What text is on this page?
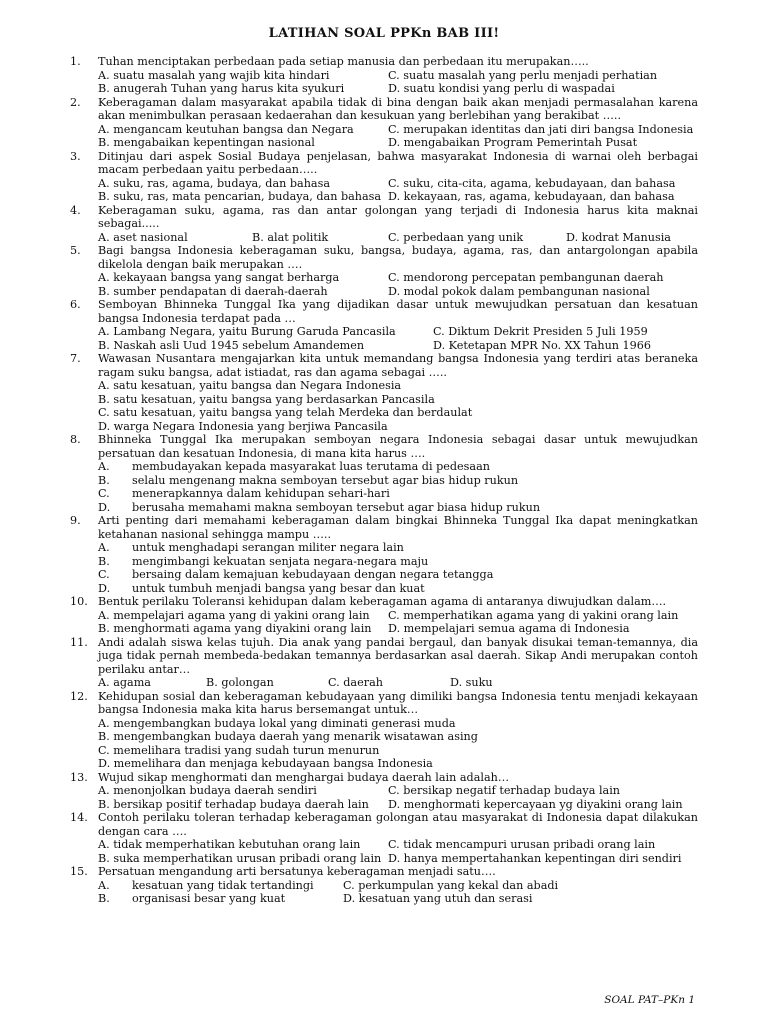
LATIHAN SOAL PPKn BAB III!
1.	Tuhan menciptakan perbedaan pada setiap manusia dan perbedaan itu merupakan…..
A. suatu masalah yang wajib kita hindari	C. suatu masalah yang perlu menjadi perhatian
B. anugerah Tuhan yang harus kita syukuri	D. suatu kondisi yang perlu di waspadai
2.	Keberagaman dalam masyarakat apabila tidak di bina dengan baik akan menjadi permasalahan karena akan menimbulkan perasaan kedaerahan dan kesukuan yang berlebihan yang berakibat …..
A. mengancam keutuhan bangsa dan Negara	C. merupakan identitas dan jati diri bangsa Indonesia
B. mengabaikan kepentingan nasional	D. mengabaikan Program Pemerintah Pusat
3.	Ditinjau dari aspek Sosial Budaya penjelasan, bahwa masyarakat Indonesia di warnai oleh berbagai macam perbedaan yaitu perbedaan…..
A. suku, ras, agama, budaya, dan bahasa	C. suku, cita-cita, agama, kebudayaan, dan bahasa
B. suku, ras, mata pencarian, budaya, dan bahasa D. kekayaan, ras, agama, kebudayaan, dan bahasa
4.	Keberagaman suku, agama, ras dan antar golongan yang terjadi di Indonesia harus kita maknai sebagai.....
A. aset nasional	B. alat politik	C. perbedaan yang unik	D. kodrat Manusia
5.	Bagi bangsa Indonesia keberagaman suku, bangsa, budaya, agama, ras, dan antargolongan apabila dikelola dengan baik merupakan ….
A. kekayaan bangsa yang sangat berharga	C. mendorong percepatan pembangunan daerah
B. sumber pendapatan di daerah-daerah	D. modal pokok dalam pembangunan nasional
6.	Semboyan Bhinneka Tunggal Ika yang dijadikan dasar untuk mewujudkan persatuan dan kesatuan bangsa Indonesia terdapat pada …
A. Lambang Negara, yaitu Burung Garuda Pancasila	C. Diktum Dekrit Presiden 5 Juli 1959
B. Naskah asli Uud 1945 sebelum Amandemen	D. Ketetapan MPR No. XX Tahun 1966
7.	Wawasan Nusantara mengajarkan kita untuk memandang bangsa Indonesia yang terdiri atas beraneka ragam suku bangsa, adat istiadat, ras dan agama sebagai …..
A. satu kesatuan, yaitu bangsa dan Negara Indonesia
B. satu kesatuan, yaitu bangsa yang berdasarkan Pancasila
C. satu kesatuan, yaitu bangsa yang telah Merdeka dan berdaulat
D. warga Negara Indonesia yang berjiwa Pancasila
8.	Bhinneka Tunggal Ika merupakan semboyan negara Indonesia sebagai dasar untuk mewujudkan persatuan dan kesatuan Indonesia, di mana kita harus ….
A. membudayakan kepada masyarakat luas terutama di pedesaan
B. selalu mengenang makna semboyan tersebut agar bias hidup rukun
C. menerapkannya dalam kehidupan sehari-hari
D. berusaha memahami makna semboyan tersebut agar biasa hidup rukun
9.	Arti penting dari memahami keberagaman dalam bingkai Bhinneka Tunggal Ika dapat meningkatkan ketahanan nasional sehingga mampu …..
A. untuk menghadapi serangan militer negara lain
B. mengimbangi kekuatan senjata negara-negara maju
C. bersaing dalam kemajuan kebudayaan dengan negara tetangga
D. untuk tumbuh menjadi bangsa yang besar dan kuat
10. Bentuk perilaku Toleransi kehidupan dalam keberagaman agama di antaranya diwujudkan dalam….
A. mempelajari agama yang di yakini orang lain	C. memperhatikan agama yang di yakini orang lain
B. menghormati agama yang diyakini orang lain	D. mempelajari semua agama di Indonesia
11. Andi adalah siswa kelas tujuh. Dia anak yang pandai bergaul, dan banyak disukai teman-temannya, dia juga tidak pernah membeda-bedakan temannya berdasarkan asal daerah. Sikap Andi merupakan contoh perilaku antar…
A. agama	B. golongan	C. daerah	D. suku
12. Kehidupan sosial dan keberagaman kebudayaan yang dimiliki bangsa Indonesia tentu menjadi kekayaan bangsa Indonesia maka kita harus bersemangat untuk…
A. mengembangkan budaya lokal yang diminati generasi muda
B. mengembangkan budaya daerah yang menarik wisatawan asing
C. memelihara tradisi yang sudah turun menurun
D. memelihara dan menjaga kebudayaan bangsa Indonesia
13. Wujud sikap menghormati dan menghargai budaya daerah lain adalah…
A. menonjolkan budaya daerah sendiri	C. bersikap negatif terhadap budaya lain
B. bersikap positif terhadap budaya daerah lain	D. menghormati kepercayaan yg diyakini orang lain
14. Contoh perilaku toleran terhadap keberagaman golongan atau masyarakat di Indonesia dapat dilakukan dengan cara ….
A. tidak memperhatikan kebutuhan orang lain	C. tidak mencampuri urusan pribadi orang lain
B. suka memperhatikan urusan pribadi orang lain D. hanya mempertahankan kepentingan diri sendiri
15. Persatuan mengandung arti bersatunya keberagaman menjadi satu….
A. kesatuan yang tidak tertandingi	C. perkumpulan yang kekal dan abadi
B. organisasi besar yang kuat	D. kesatuan yang utuh dan serasi
SOAL PAT–PKn 1
